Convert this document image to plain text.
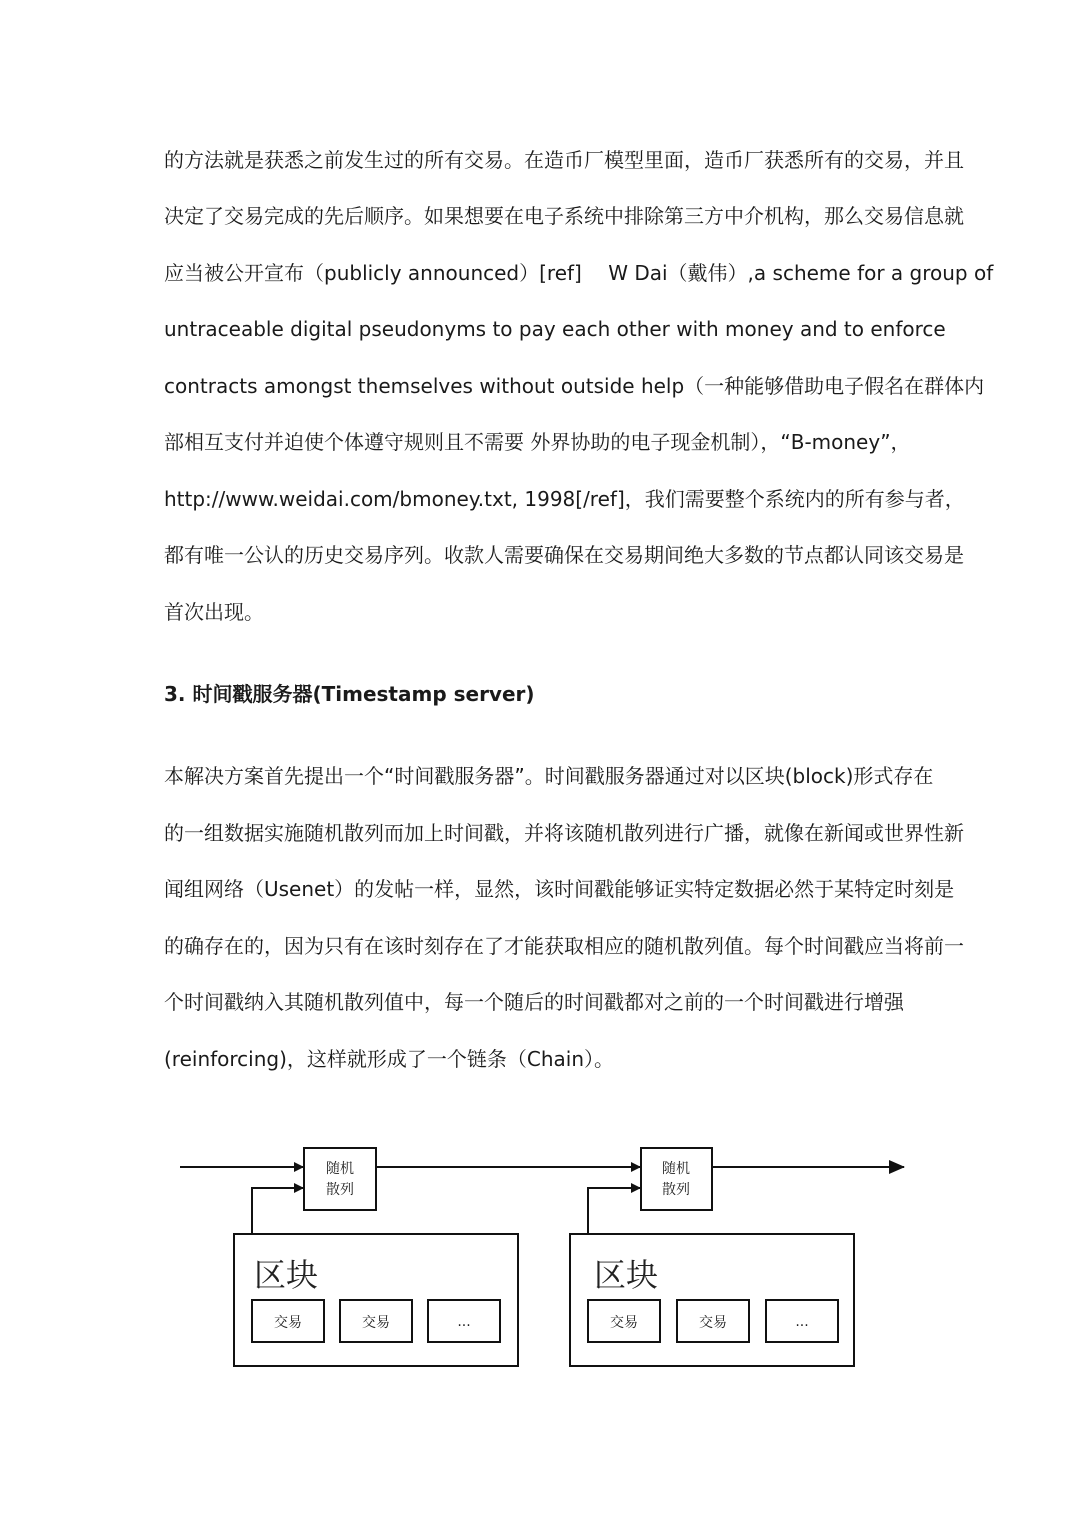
的方法就是获悉之前发生过的所有交易。在造币厂模型里面，造币厂获悉所有的交易，并且
决定了交易完成的先后顺序。如果想要在电子系统中排除第三方中介机构，那么交易信息就
应当被公开宣布（publicly announced）[ref]　 W Dai（戴伟）,a scheme for a group of
untraceable digital pseudonyms to pay each other with money and to enforce
contracts amongst themselves without outside help（一种能够借助电子假名在群体内
部相互支付并迫使个体遵守规则且不需要 外界协助的电子现金机制），“B-money”，
http://www.weidai.com/bmoney.txt, 1998[/ref]，我们需要整个系统内的所有参与者，
都有唯一公认的历史交易序列。收款人需要确保在交易期间绝大多数的节点都认同该交易是
首次出现。
3. 时间戳服务器(Timestamp server)
本解决方案首先提出一个“时间戳服务器”。时间戳服务器通过对以区块(block)形式存在
的一组数据实施随机散列而加上时间戳，并将该随机散列进行广播，就像在新闻或世界性新
闻组网络（Usenet）的发帖一样，显然，该时间戳能够证实特定数据必然于某特定时刻是
的确存在的，因为只有在该时刻存在了才能获取相应的随机散列值。每个时间戳应当将前一
个时间戳纳入其随机散列值中，每一个随后的时间戳都对之前的一个时间戳进行增强
(reinforcing)，这样就形成了一个链条（Chain）。
随机
散列
随机
散列
区块
交易	交易	...
区块
交易	交易	...
